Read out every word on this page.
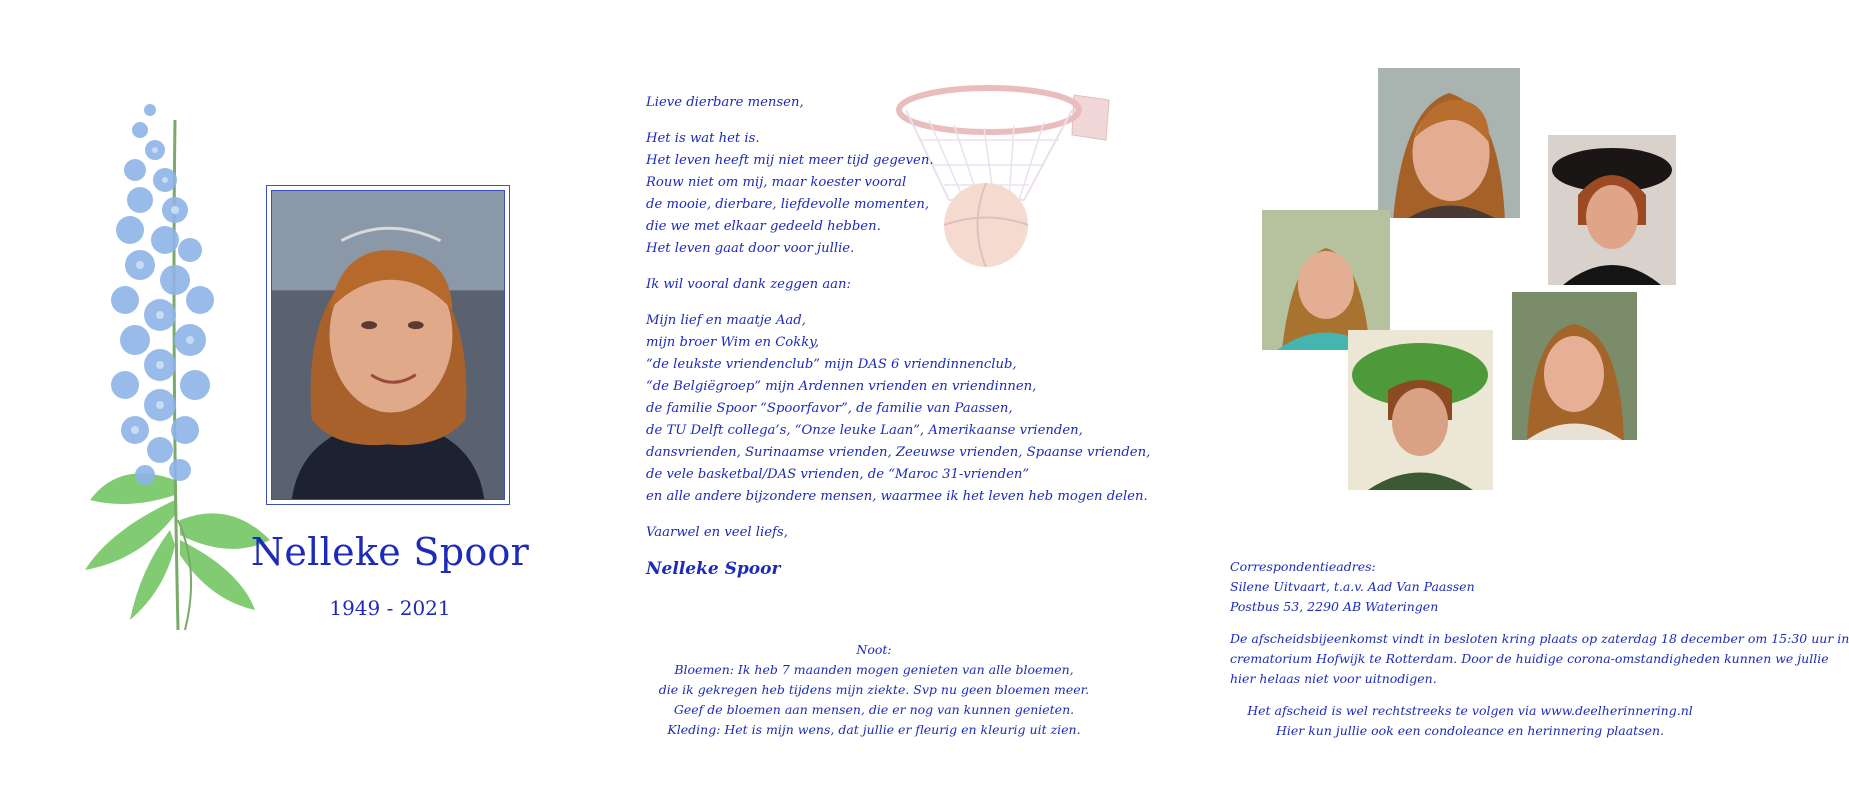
Nelleke Spoor
1949 - 2021

Lieve dierbare mensen,

Het is wat het is.
Het leven heeft mij niet meer tijd gegeven.
Rouw niet om mij, maar koester vooral
de mooie, dierbare, liefdevolle momenten,
die we met elkaar gedeeld hebben.
Het leven gaat door voor jullie.

Ik wil vooral dank zeggen aan:

Mijn lief en maatje Aad,
mijn broer Wim en Cokky,
“de leukste vriendenclub” mijn DAS 6 vriendinnenclub,
“de Belgiëgroep” mijn Ardennen vrienden en vriendinnen,
de familie Spoor “Spoorfavor”, de familie van Paassen,
de TU Delft collega’s, “Onze leuke Laan”, Amerikaanse vrienden,
dansvrienden, Surinaamse vrienden, Zeeuwse vrienden, Spaanse vrienden,
de vele basketbal/DAS vrienden, de “Maroc 31-vrienden”
en alle andere bijzondere mensen, waarmee ik het leven heb mogen delen.

Vaarwel en veel liefs,

Nelleke Spoor
Noot:
Bloemen: Ik heb 7 maanden mogen genieten van alle bloemen,
die ik gekregen heb tijdens mijn ziekte. Svp nu geen bloemen meer.
Geef de bloemen aan mensen, die er nog van kunnen genieten.
Kleding: Het is mijn wens, dat jullie er fleurig en kleurig uit zien.
Correspondentieadres:
Silene Uitvaart, t.a.v. Aad Van Paassen
Postbus 53, 2290 AB Wateringen
De afscheidsbijeenkomst vindt in besloten kring plaats op zaterdag 18 december om 15:30 uur in
crematorium Hofwijk te Rotterdam. Door de huidige corona-omstandigheden kunnen we jullie
hier helaas niet voor uitnodigen.
Het afscheid is wel rechtstreeks te volgen via www.deelherinnering.nl
Hier kun jullie ook een condoleance en herinnering plaatsen.
